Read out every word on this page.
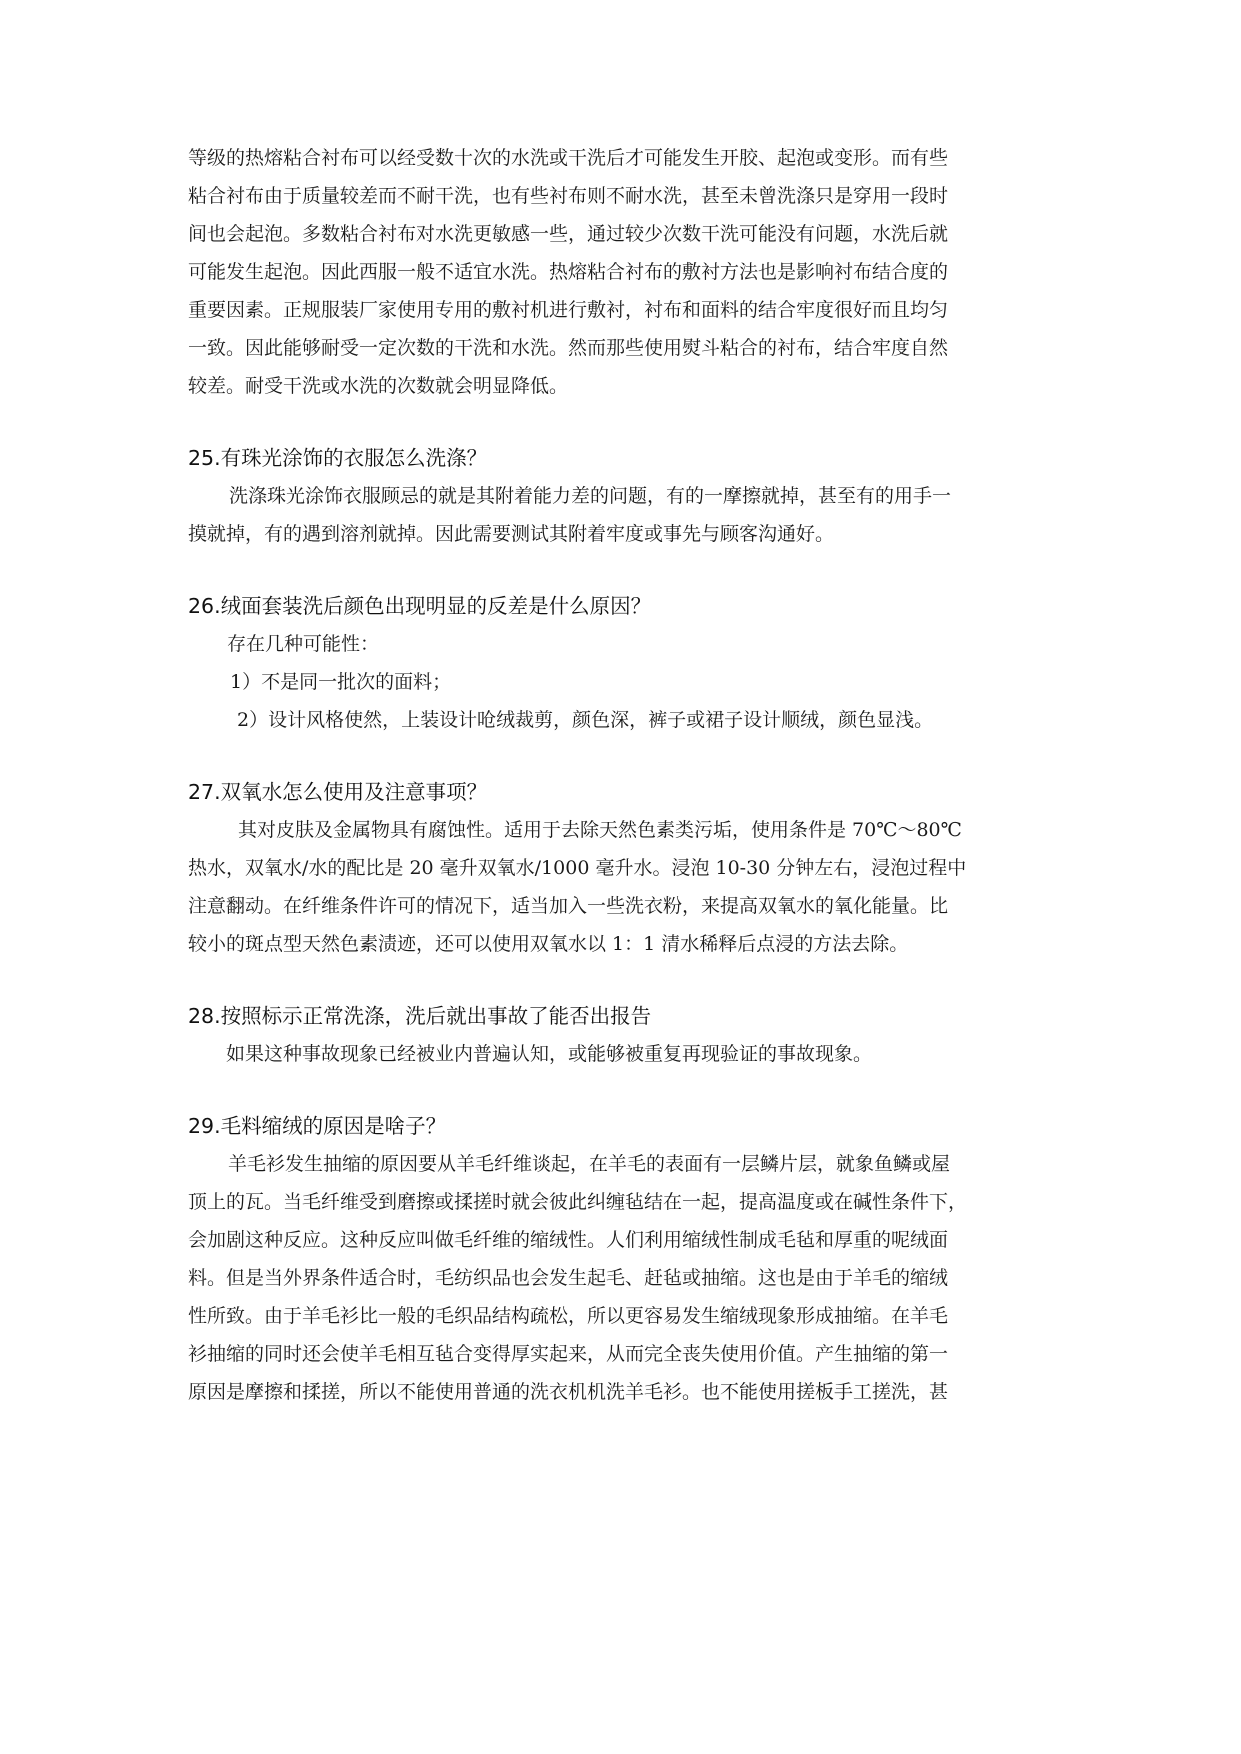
等级的热熔粘合衬布可以经受数十次的水洗或干洗后才可能发生开胶、起泡或变形。而有些

粘合衬布由于质量较差而不耐干洗，也有些衬布则不耐水洗，甚至未曾洗涤只是穿用一段时

间也会起泡。多数粘合衬布对水洗更敏感一些，通过较少次数干洗可能没有问题，水洗后就

可能发生起泡。因此西服一般不适宜水洗。热熔粘合衬布的敷衬方法也是影响衬布结合度的

重要因素。正规服装厂家使用专用的敷衬机进行敷衬，衬布和面料的结合牢度很好而且均匀

一致。因此能够耐受一定次数的干洗和水洗。然而那些使用熨斗粘合的衬布，结合牢度自然

较差。耐受干洗或水洗的次数就会明显降低。

25.有珠光涂饰的衣服怎么洗涤？

洗涤珠光涂饰衣服顾忌的就是其附着能力差的问题，有的一摩擦就掉，甚至有的用手一

摸就掉，有的遇到溶剂就掉。因此需要测试其附着牢度或事先与顾客沟通好。

26.绒面套装洗后颜色出现明显的反差是什么原因？

存在几种可能性：

1）不是同一批次的面料；

2）设计风格使然，上装设计呛绒裁剪，颜色深，裤子或裙子设计顺绒，颜色显浅。

27.双氧水怎么使用及注意事项？

其对皮肤及金属物具有腐蚀性。适用于去除天然色素类污垢，使用条件是 70℃～80℃

热水，双氧水/水的配比是 20 毫升双氧水/1000 毫升水。浸泡 10-30 分钟左右，浸泡过程中

注意翻动。在纤维条件许可的情况下，适当加入一些洗衣粉，来提高双氧水的氧化能量。比

较小的斑点型天然色素渍迹，还可以使用双氧水以 1：1 清水稀释后点浸的方法去除。

28.按照标示正常洗涤，洗后就出事故了能否出报告

如果这种事故现象已经被业内普遍认知，或能够被重复再现验证的事故现象。

29.毛料缩绒的原因是啥子？

羊毛衫发生抽缩的原因要从羊毛纤维谈起，在羊毛的表面有一层鳞片层，就象鱼鳞或屋

顶上的瓦。当毛纤维受到磨擦或揉搓时就会彼此纠缠毡结在一起，提高温度或在碱性条件下，

会加剧这种反应。这种反应叫做毛纤维的缩绒性。人们利用缩绒性制成毛毡和厚重的呢绒面

料。但是当外界条件适合时，毛纺织品也会发生起毛、赶毡或抽缩。这也是由于羊毛的缩绒

性所致。由于羊毛衫比一般的毛织品结构疏松，所以更容易发生缩绒现象形成抽缩。在羊毛

衫抽缩的同时还会使羊毛相互毡合变得厚实起来，从而完全丧失使用价值。产生抽缩的第一

原因是摩擦和揉搓，所以不能使用普通的洗衣机机洗羊毛衫。也不能使用搓板手工搓洗，甚
